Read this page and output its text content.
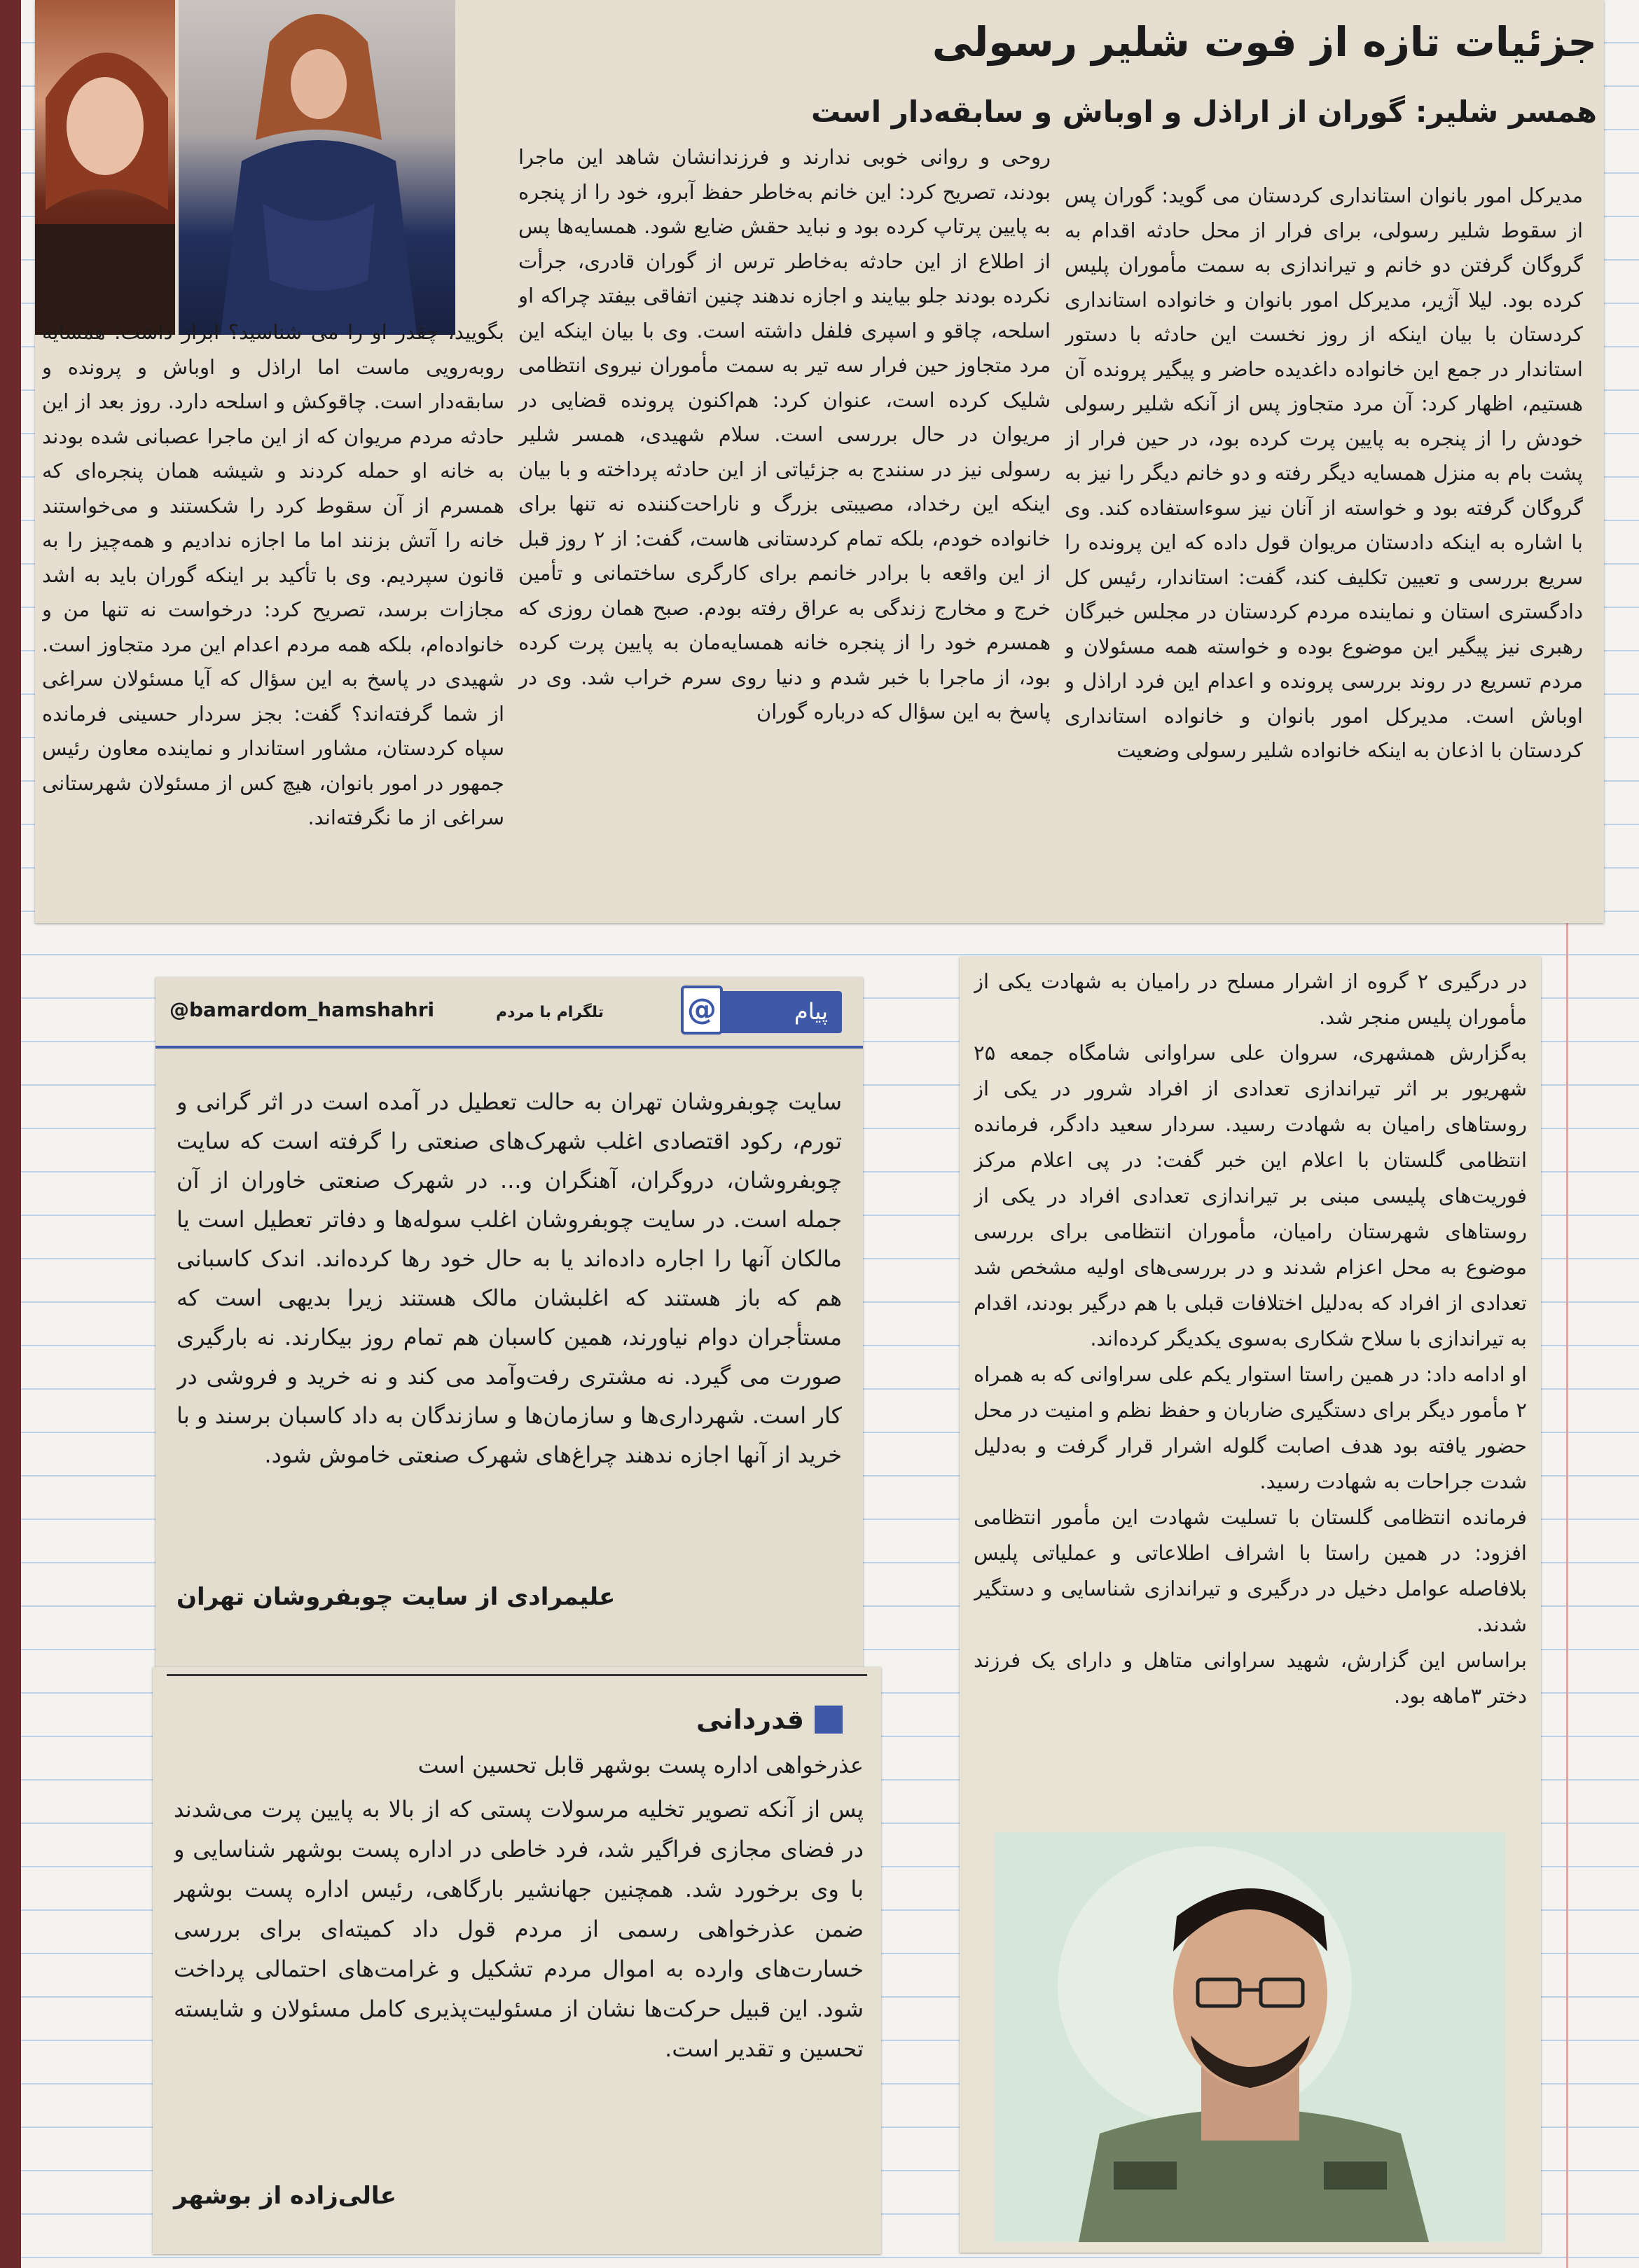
جزئیات تازه از فوت شلیر رسولی
همسر شلیر: گوران از اراذل و اوباش و سابقه‌دار است
مدیرکل امور بانوان استانداری کردستان می گوید: گوران پس از سقوط شلیر رسولی، برای فرار از محل حادثه اقدام به گروگان گرفتن دو خانم و تیراندازی به سمت مأموران پلیس کرده بود. لیلا آژیر، مدیرکل امور بانوان و خانواده استانداری کردستان با بیان اینکه از روز نخست این حادثه با دستور استاندار در جمع این خانواده داغدیده حاضر و پیگیر پرونده آن هستیم، اظهار کرد: آن مرد متجاوز پس از آنکه شلیر رسولی خودش را از پنجره به پایین پرت کرده بود، در حین فرار از پشت بام به منزل همسایه دیگر رفته و دو خانم دیگر را نیز به گروگان گرفته بود و خواسته از آنان نیز سوءاستفاده کند. وی با اشاره به اینکه دادستان مریوان قول داده که این پرونده را سریع بررسی و تعیین تکلیف کند، گفت: استاندار، رئیس کل دادگستری استان و نماینده مردم کردستان در مجلس خبرگان رهبری نیز پیگیر این موضوع بوده و خواسته همه مسئولان و مردم تسریع در روند بررسی پرونده و اعدام این فرد اراذل و اوباش است. مدیرکل امور بانوان و خانواده استانداری کردستان با اذعان به اینکه خانواده شلیر رسولی وضعیت
روحی و روانی خوبی ندارند و فرزندانشان شاهد این ماجرا بودند، تصریح کرد: این خانم به‌خاطر حفظ آبرو، خود را از پنجره به پایین پرتاپ کرده بود و نباید حقش ضایع شود. همسایه‌ها پس از اطلاع از این حادثه به‌خاطر ترس از گوران قادری، جرأت نکرده بودند جلو بیایند و اجازه ندهند چنین اتفاقی بیفتد چراکه او اسلحه، چاقو و اسپری فلفل داشته است. وی با بیان اینکه این مرد متجاوز حین فرار سه تیر به سمت مأموران نیروی انتظامی شلیک کرده است، عنوان کرد: هم‌اکنون پرونده قضایی در مریوان در حال بررسی است. سلام شهیدی، همسر شلیر رسولی نیز در سنندج به جزئیاتی از این حادثه پرداخته و با بیان اینکه این رخداد، مصیبتی بزرگ و ناراحت‌کننده نه تنها برای خانواده خودم، بلکه تمام کردستانی هاست، گفت: از ۲ روز قبل از این واقعه با برادر خانمم برای کارگری ساختمانی و تأمین خرج و مخارج زندگی به عراق رفته بودم. صبح همان روزی که همسرم خود را از پنجره خانه همسایه‌مان به پایین پرت کرده بود، از ماجرا با خبر شدم و دنیا روی سرم خراب شد. وی در پاسخ به این سؤال که درباره گوران
بگویید، چقدر او را می شناسید؟ ابراز داشت: همسایه روبه‌رویی ماست اما اراذل و اوباش و پرونده و سابقه‌دار است. چاقوکش و اسلحه دارد. روز بعد از این حادثه مردم مریوان که از این ماجرا عصبانی شده بودند به خانه او حمله کردند و شیشه همان پنجره‌ای که همسرم از آن سقوط کرد را شکستند و می‌خواستند خانه را آتش بزنند اما ما اجازه ندادیم و همه‌چیز را به قانون سپردیم. وی با تأکید بر اینکه گوران باید به اشد مجازات برسد، تصریح کرد: درخواست نه تنها من و خانواده‌ام، بلکه همه مردم اعدام این مرد متجاوز است. شهیدی در پاسخ به این سؤال که آیا مسئولان سراغی از شما گرفته‌اند؟ گفت: بجز سردار حسینی فرمانده سپاه کردستان، مشاور استاندار و نماینده معاون رئیس جمهور در امور بانوان، هیچ کس از مسئولان شهرستانی سراغی از ما نگرفته‌اند.
در درگیری ۲ گروه از اشرار مسلح در رامیان به شهادت یکی از مأموران پلیس منجر شد.
به‌گزارش همشهری، سروان علی سراوانی شامگاه جمعه ۲۵ شهریور بر اثر تیراندازی تعدادی از افراد شرور در یکی از روستاهای رامیان به شهادت رسید. سردار سعید دادگر، فرمانده انتظامی گلستان با اعلام این خبر گفت: در پی اعلام مرکز فوریت‌های پلیسی مبنی بر تیراندازی تعدادی افراد در یکی از روستاهای شهرستان رامیان، مأموران انتظامی برای بررسی موضوع به محل اعزام شدند و در بررسی‌های اولیه مشخص شد تعدادی از افراد که به‌دلیل اختلافات قبلی با هم درگیر بودند، اقدام به تیراندازی با سلاح شکاری به‌سوی یکدیگر کرده‌اند.
او ادامه داد: در همین راستا استوار یکم علی سراوانی که به همراه ۲ مأمور دیگر برای دستگیری ضاربان و حفظ نظم و امنیت در محل حضور یافته بود هدف اصابت گلوله اشرار قرار گرفت و به‌دلیل شدت جراحات به شهادت رسید.
فرمانده انتظامی گلستان با تسلیت شهادت این مأمور انتظامی افزود: در همین راستا با اشراف اطلاعاتی و عملیاتی پلیس بلافاصله عوامل دخیل در درگیری و تیراندازی شناسایی و دستگیر شدند.
براساس این گزارش، شهید سراوانی متاهل و دارای یک فرزند دختر ۳ماهه بود.
پیام
@
تلگرام با مردم
@bamardom_hamshahri
سایت چوبفروشان تهران به حالت تعطیل در آمده است در اثر گرانی و تورم، رکود اقتصادی اغلب شهرک‌های صنعتی را گرفته است که سایت چوبفروشان، دروگران، آهنگران و... در شهرک صنعتی خاوران از آن جمله است. در سایت چوبفروشان اغلب سوله‌ها و دفاتر تعطیل است یا مالکان آنها را اجاره داده‌اند یا به حال خود رها کرده‌اند. اندک کاسبانی هم که باز هستند که اغلبشان مالک هستند زیرا بدیهی است که مستأجران دوام نیاورند، همین کاسبان هم تمام روز بیکارند. نه بارگیری صورت می گیرد. نه مشتری رفت‌وآمد می کند و نه خرید و فروشی در کار است. شهرداری‌ها و سازمان‌ها و سازندگان به داد کاسبان برسند و با خرید از آنها اجازه ندهند چراغ‌های شهرک صنعتی خاموش شود.
علیمرادی از سایت چوبفروشان تهران
قدردانی
عذرخواهی اداره پست بوشهر قابل تحسین است
پس از آنکه تصویر تخلیه مرسولات پستی که از بالا به پایین پرت می‌شدند در فضای مجازی فراگیر شد، فرد خاطی در اداره پست بوشهر شناسایی و با وی برخورد شد. همچنین جهانشیر بارگاهی، رئیس اداره پست بوشهر ضمن عذرخواهی رسمی از مردم قول داد کمیته‌ای برای بررسی خسارت‌های وارده به اموال مردم تشکیل و غرامت‌های احتمالی پرداخت شود. این قبیل حرکت‌ها نشان از مسئولیت‌پذیری کامل مسئولان و شایسته تحسین و تقدیر است.
عالی‌زاده از بوشهر
